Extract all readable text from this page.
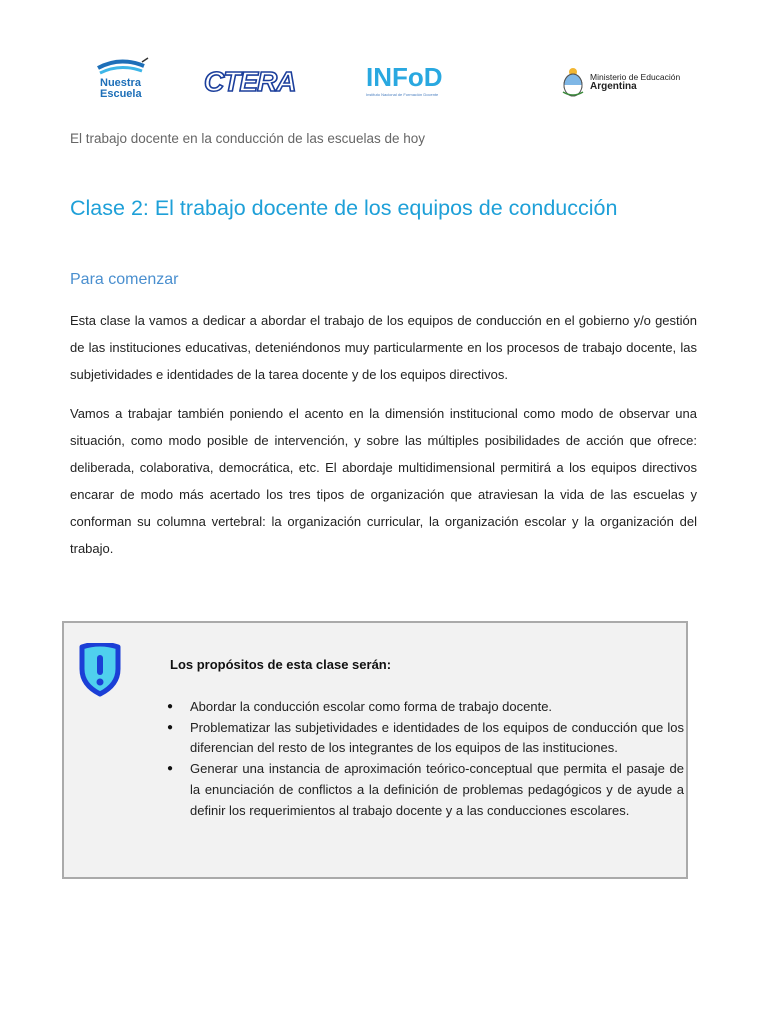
Nuestra
Escuela CTERA	INFoD
Instituto Nacional de Formación Docente
Ministerio de Educación
Argentina
El trabajo docente en la conducción de las escuelas de hoy
Clase 2: El trabajo docente de los equipos de conducción
Para comenzar

Esta clase la vamos a dedicar a abordar el trabajo de los equipos de conducción en el gobierno y/o gestión de las instituciones educativas, deteniéndonos muy particularmente en los procesos de trabajo docente, las subjetividades e identidades de la tarea docente y de los equipos directivos.

Vamos a trabajar también poniendo el acento en la dimensión institucional como modo de observar una situación, como modo posible de intervención, y sobre las múltiples posibilidades de acción que ofrece: deliberada, colaborativa, democrática, etc. El abordaje multidimensional permitirá a los equipos directivos encarar de modo más acertado los tres tipos de organización que atraviesan la vida de las escuelas y conforman su columna vertebral: la organización curricular, la organización escolar y la organización del trabajo.

Los propósitos de esta clase serán:
● Abordar la conducción escolar como forma de trabajo docente.
● Problematizar las subjetividades e identidades de los equipos de conducción que los diferencian del resto de los integrantes de los equipos de las instituciones.
● Generar una instancia de aproximación teórico-conceptual que permita el pasaje de la enunciación de conflictos a la definición de problemas pedagógicos y de ayude a definir los requerimientos al trabajo docente y a las conducciones escolares.
